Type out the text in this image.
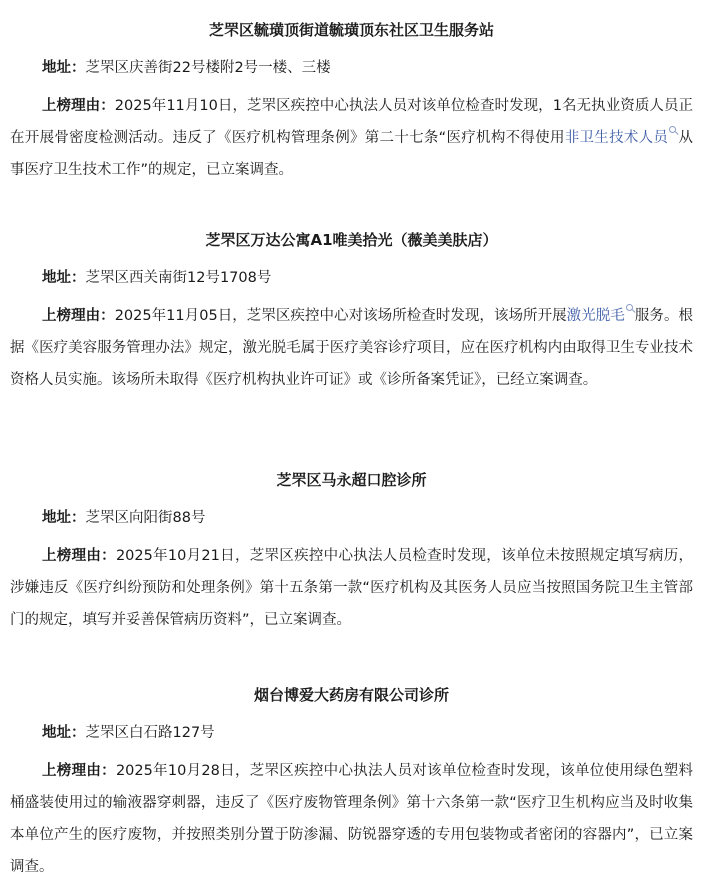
芝罘区毓璜顶街道毓璜顶东社区卫生服务站

地址：芝罘区庆善街22号楼附2号一楼、三楼

上榜理由：2025年11月10日，芝罘区疾控中心执法人员对该单位检查时发现，1名无执业资质人员正在开展骨密度检测活动。违反了《医疗机构管理条例》第二十七条“医疗机构不得使用非卫生技术人员 从事医疗卫生技术工作”的规定，已立案调查。

芝罘区万达公寓A1唯美拾光（薇美美肤店）

地址：芝罘区西关南街12号1708号

上榜理由：2025年11月05日，芝罘区疾控中心对该场所检查时发现，该场所开展激光脱毛 服务。根据《医疗美容服务管理办法》规定，激光脱毛属于医疗美容诊疗项目，应在医疗机构内由取得卫生专业技术资格人员实施。该场所未取得《医疗机构执业许可证》或《诊所备案凭证》，已经立案调查。

芝罘区马永超口腔诊所

地址：芝罘区向阳街88号

上榜理由：2025年10月21日，芝罘区疾控中心执法人员检查时发现，该单位未按照规定填写病历，涉嫌违反《医疗纠纷预防和处理条例》第十五条第一款“医疗机构及其医务人员应当按照国务院卫生主管部门的规定，填写并妥善保管病历资料”，已立案调查。

烟台博爱大药房有限公司诊所

地址：芝罘区白石路127号

上榜理由：2025年10月28日，芝罘区疾控中心执法人员对该单位检查时发现，该单位使用绿色塑料桶盛装使用过的输液器穿刺器，违反了《医疗废物管理条例》第十六条第一款“医疗卫生机构应当及时收集本单位产生的医疗废物，并按照类别分置于防渗漏、防锐器穿透的专用包装物或者密闭的容器内”，已立案调查。
